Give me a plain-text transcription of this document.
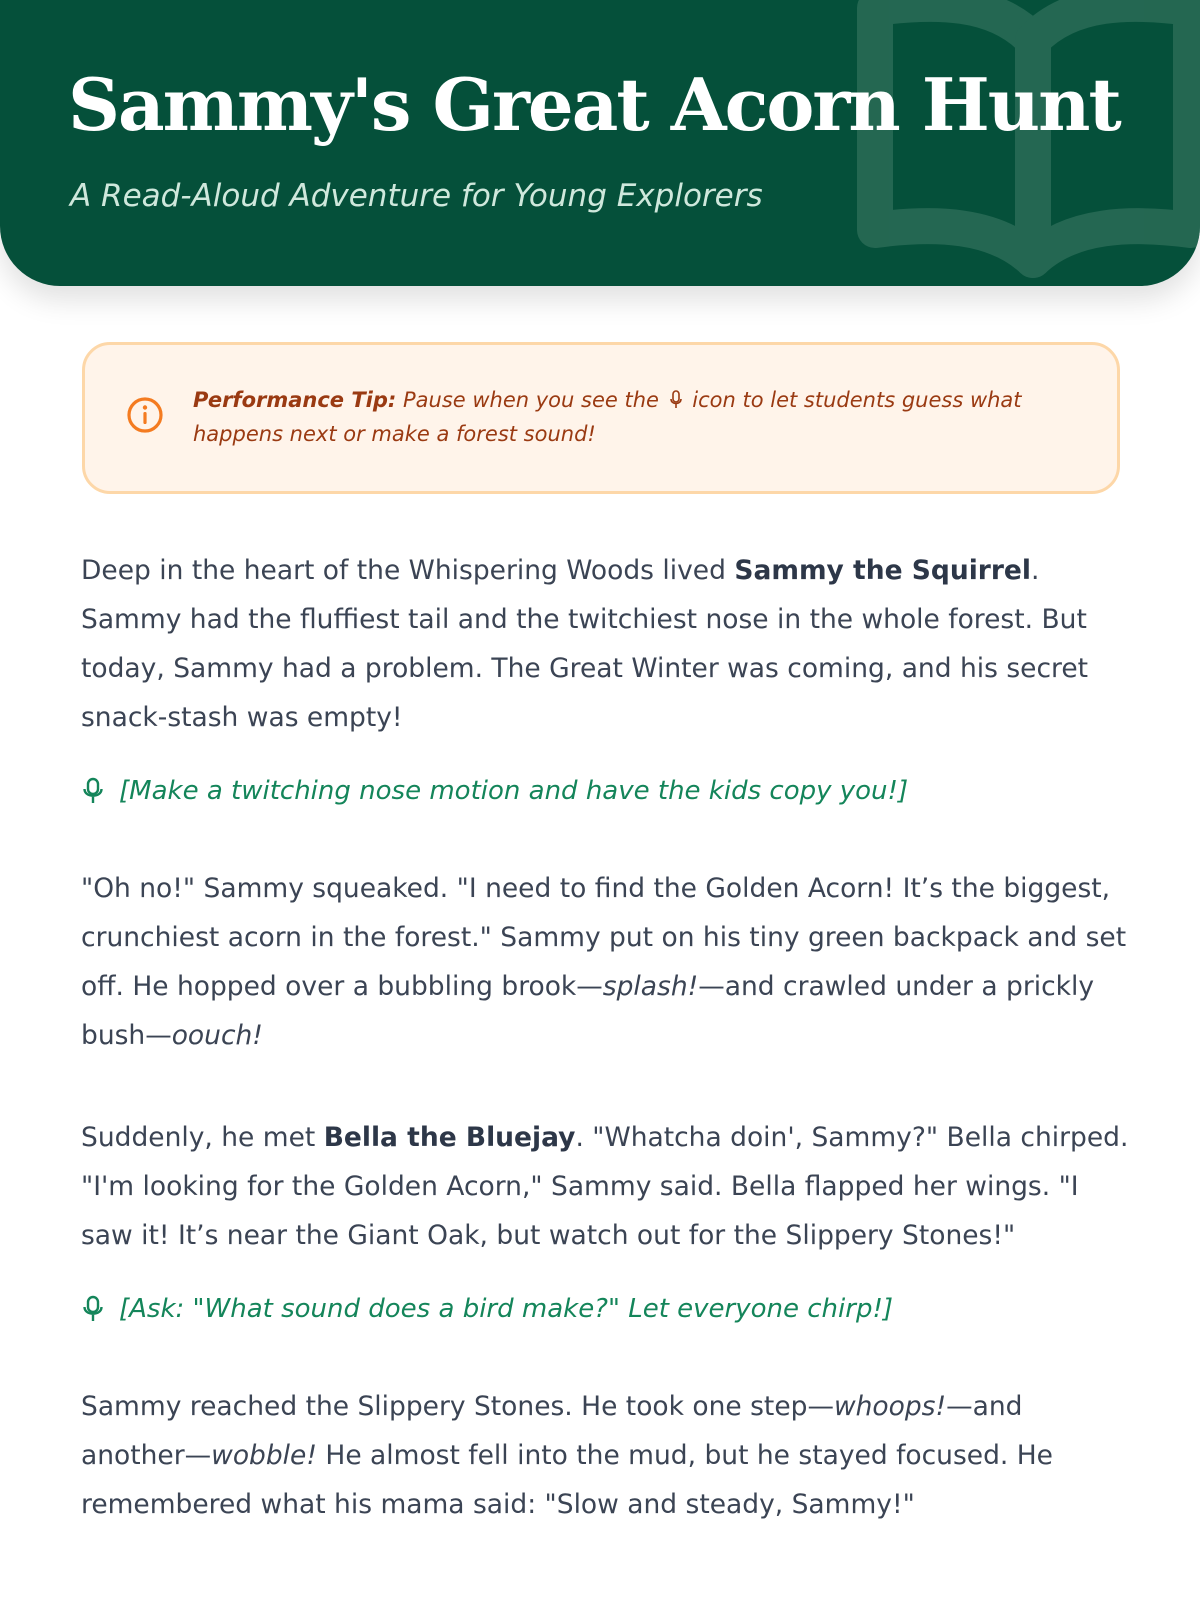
Sammy's Great Acorn Hunt

A Read-Aloud Adventure for Young Explorers

Performance Tip: Pause when you see the  icon to let students guess what happens next or make a forest sound!

Deep in the heart of the Whispering Woods lived Sammy the Squirrel. Sammy had the fluffiest tail and the twitchiest nose in the whole forest. But today, Sammy had a problem. The Great Winter was coming, and his secret snack-stash was empty!

[Make a twitching nose motion and have the kids copy you!]

"Oh no!" Sammy squeaked. "I need to find the Golden Acorn! It’s the biggest, crunchiest acorn in the forest." Sammy put on his tiny green backpack and set off. He hopped over a bubbling brook—splash!—and crawled under a prickly bush—oouch!

Suddenly, he met Bella the Bluejay. "Whatcha doin', Sammy?" Bella chirped. "I'm looking for the Golden Acorn," Sammy said. Bella flapped her wings. "I saw it! It’s near the Giant Oak, but watch out for the Slippery Stones!"

[Ask: "What sound does a bird make?" Let everyone chirp!]

Sammy reached the Slippery Stones. He took one step—whoops!—and another—wobble! He almost fell into the mud, but he stayed focused. He remembered what his mama said: "Slow and steady, Sammy!"
